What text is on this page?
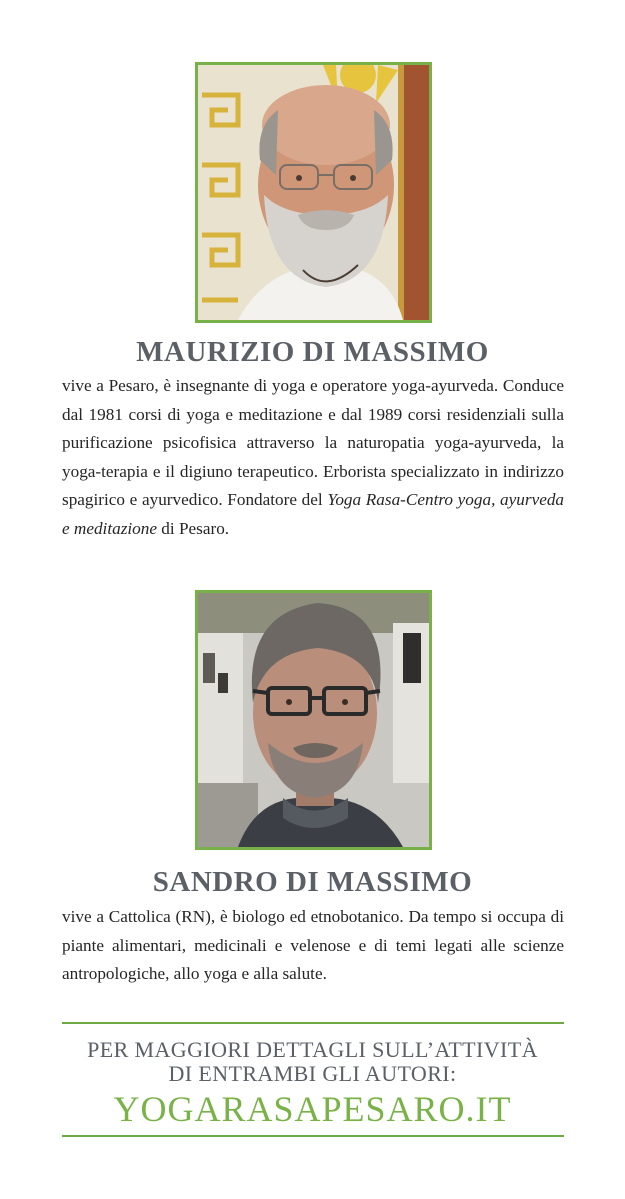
MAURIZIO DI MASSIMO

vive a Pesaro, è insegnante di yoga e operatore yoga-ayurveda. Conduce dal 1981 corsi di yoga e meditazione e dal 1989 corsi residenziali sulla purificazione psicofisica attraverso la naturopatia yoga-ayurveda, la yoga-terapia e il digiuno terapeutico. Erborista specializzato in indirizzo spagirico e ayurvedico. Fondatore del Yoga Rasa-Centro yoga, ayurveda e meditazione di Pesaro.

SANDRO DI MASSIMO

vive a Cattolica (RN), è biologo ed etnobotanico. Da tempo si occupa di piante alimentari, medicinali e velenose e di temi legati alle scienze antropologiche, allo yoga e alla salute.

PER MAGGIORI DETTAGLI SULL’ATTIVITÀ

DI ENTRAMBI GLI AUTORI:

YOGARASAPESARO.IT
